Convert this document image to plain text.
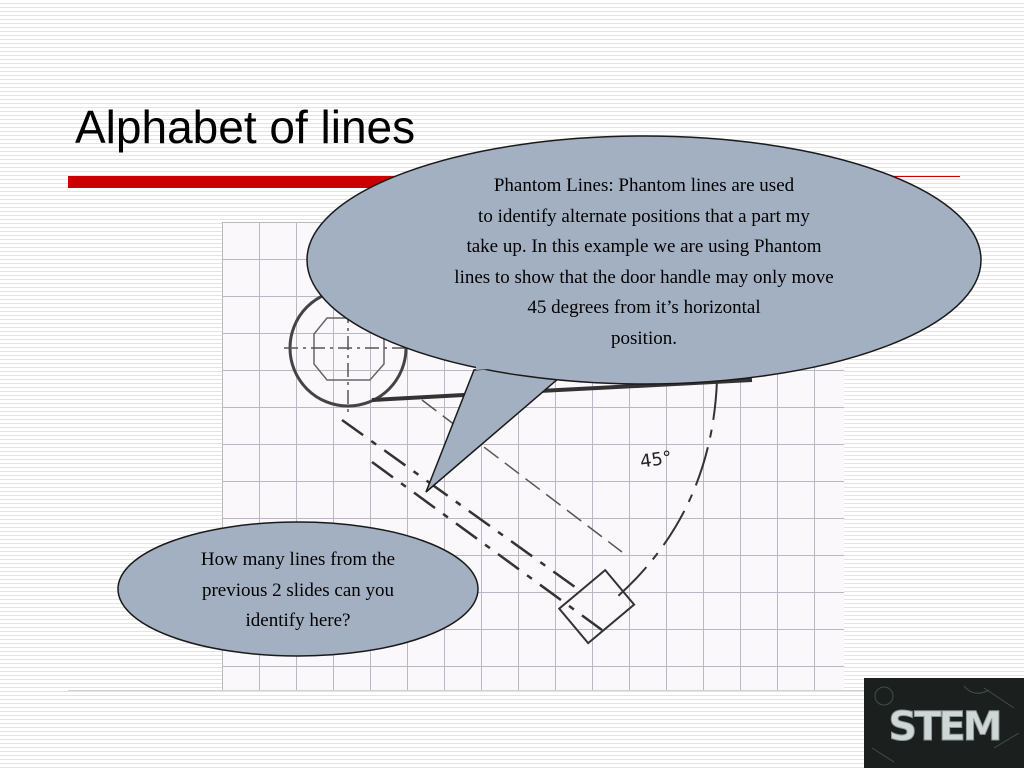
Alphabet of lines
45°
Phantom Lines: Phantom lines are used
to identify alternate positions that a part my
take up. In this example we are using Phantom
lines to show that the door handle may only move
45 degrees from it’s horizontal
position.
How many lines from the
previous 2 slides can you
identify here?
STEM
